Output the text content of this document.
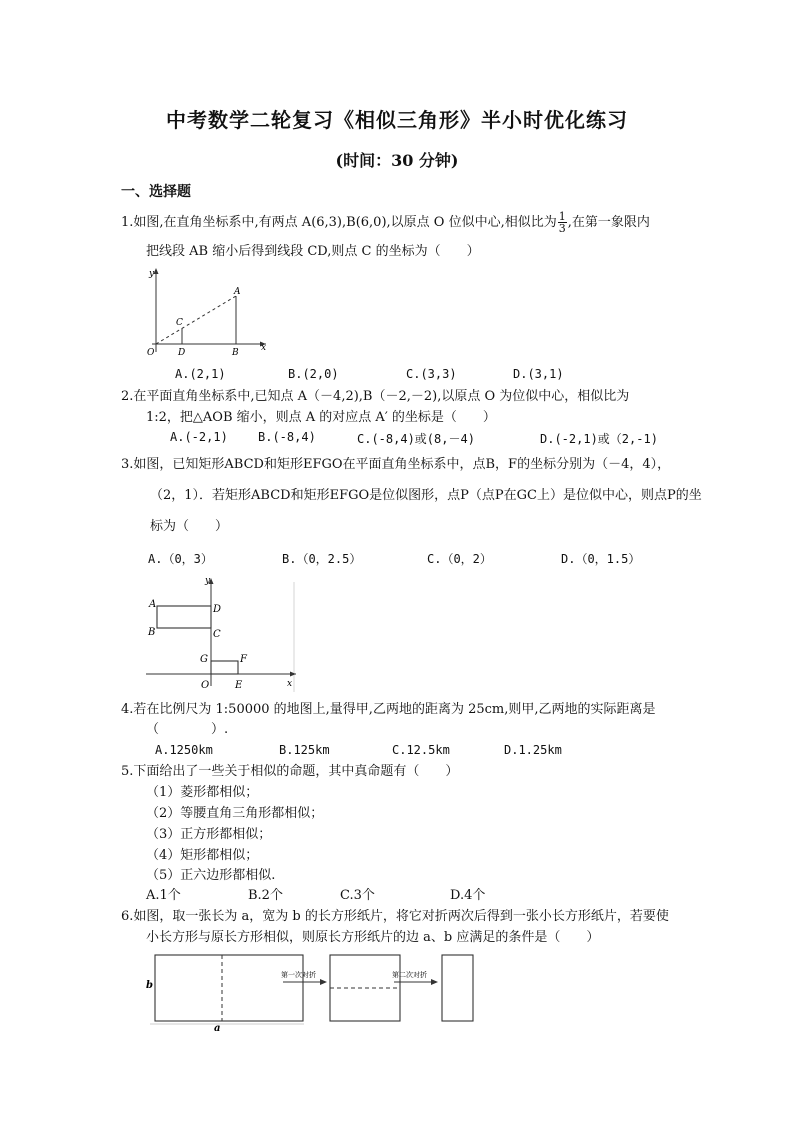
中考数学二轮复习《相似三角形》半小时优化练习
(时间：30 分钟)
一、选择题
1.如图,在直角坐标系中,有两点 A(6,3),B(6,0),以原点 O 位似中心,相似比为 $\frac{1}{3}$ ,在第一象限内
把线段 AB 缩小后得到线段 CD,则点 C 的坐标为（　　）
y
x
A
B
C
D
O
A.(2,1)	B.(2,0)	C.(3,3)	D.(3,1)
2.在平面直角坐标系中,已知点 A（－4,2),B（－2,－2),以原点 O 为位似中心，相似比为
1:2，把△AOB 缩小，则点 A 的对应点 A′ 的坐标是（　　）
A.(-2,1)	B.(-8,4)	C.(-8,4)或(8,－4)	D.(-2,1)或（2,-1)
3.如图，已知矩形ABCD和矩形EFGO在平面直角坐标系中，点B，F的坐标分别为（－4，4），
（2，1）．若矩形ABCD和矩形EFGO是位似图形，点P（点P在GC上）是位似中心，则点P的坐
标为（　　）
A.（0，3）	B.（0，2.5）	C.（0，2）	D.（0，1.5）
y
x
A
B
D
C
G	F
O	E
4.若在比例尺为 1:50000 的地图上,量得甲,乙两地的距离为 25cm,则甲,乙两地的实际距离是
（　　　　）.
A.1250km	B.125km	C.12.5km	D.1.25km
5.下面给出了一些关于相似的命题，其中真命题有（　　）
（1）菱形都相似；
（2）等腰直角三角形都相似；
（3）正方形都相似；
（4）矩形都相似；
（5）正六边形都相似.
A.1个	B.2个	C.3个	D.4个
6.如图，取一张长为 a，宽为 b 的长方形纸片，将它对折两次后得到一张小长方形纸片，若要使
小长方形与原长方形相似，则原长方形纸片的边 a、b 应满足的条件是（　　）
b
a
第一次对折	第二次对折
